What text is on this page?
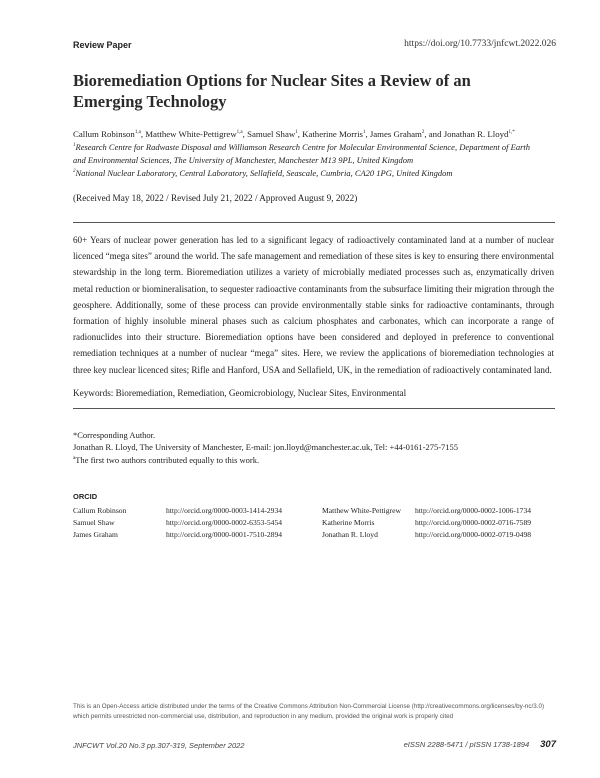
Review Paper	https://doi.org/10.7733/jnfcwt.2022.026
Bioremediation Options for Nuclear Sites a Review of an Emerging Technology
Callum Robinson$^{1,a}$, Matthew White-Pettigrew$^{1,a}$, Samuel Shaw$^1$, Katherine Morris$^1$, James Graham$^2$, and Jonathan R. Lloyd$^{1,*}$
$^1$Research Centre for Radwaste Disposal and Williamson Research Centre for Molecular Environmental Science, Department of Earth and Environmental Sciences, The University of Manchester, Manchester M13 9PL, United Kingdom
$^2$National Nuclear Laboratory, Central Laboratory, Sellafield, Seascale, Cumbria, CA20 1PG, United Kingdom
(Received May 18, 2022 / Revised July 21, 2022 / Approved August 9, 2022)
60+ Years of nuclear power generation has led to a significant legacy of radioactively contaminated land at a number of nuclear licenced “mega sites” around the world. The safe management and remediation of these sites is key to ensuring there environmental stewardship in the long term. Bioremediation utilizes a variety of microbially mediated processes such as, enzymatically driven metal reduction or biomineralisation, to sequester radioactive contaminants from the subsurface limiting their migration through the geosphere. Additionally, some of these process can provide environmentally stable sinks for radioactive contaminants, through formation of highly insoluble mineral phases such as calcium phosphates and carbonates, which can incorporate a range of radionuclides into their structure. Bioremediation options have been considered and deployed in preference to conventional remediation techniques at a number of nuclear “mega” sites. Here, we review the applications of bioremediation technologies at three key nuclear licenced sites; Rifle and Hanford, USA and Sellafield, UK, in the remediation of radioactively contaminated land.
Keywords: Bioremediation, Remediation, Geomicrobiology, Nuclear Sites, Environmental
*Corresponding Author.
Jonathan R. Lloyd, The University of Manchester, E-mail: jon.lloyd@manchester.ac.uk, Tel: +44-0161-275-7155
$^a$The first two authors contributed equally to this work.
ORCID
Callum Robinson	http://orcid.org/0000-0003-1414-2934	Matthew White-Pettigrew	http://orcid.org/0000-0002-1006-1734
Samuel Shaw	http://orcid.org/0000-0002-6353-5454	Katherine Morris	http://orcid.org/0000-0002-0716-7589
James Graham	http://orcid.org/0000-0001-7510-2894	Jonathan R. Lloyd	http://orcid.org/0000-0002-0719-0498
This is an Open-Access article distributed under the terms of the Creative Commons Attribution Non-Commercial License (http://creativecommons.org/licenses/by-nc/3.0) which permits unrestricted non-commercial use, distribution, and reproduction in any medium, provided the original work is properly cited
JNFCWT Vol.20 No.3 pp.307-319, September 2022	eISSN 2288-5471 / pISSN 1738-1894 307
